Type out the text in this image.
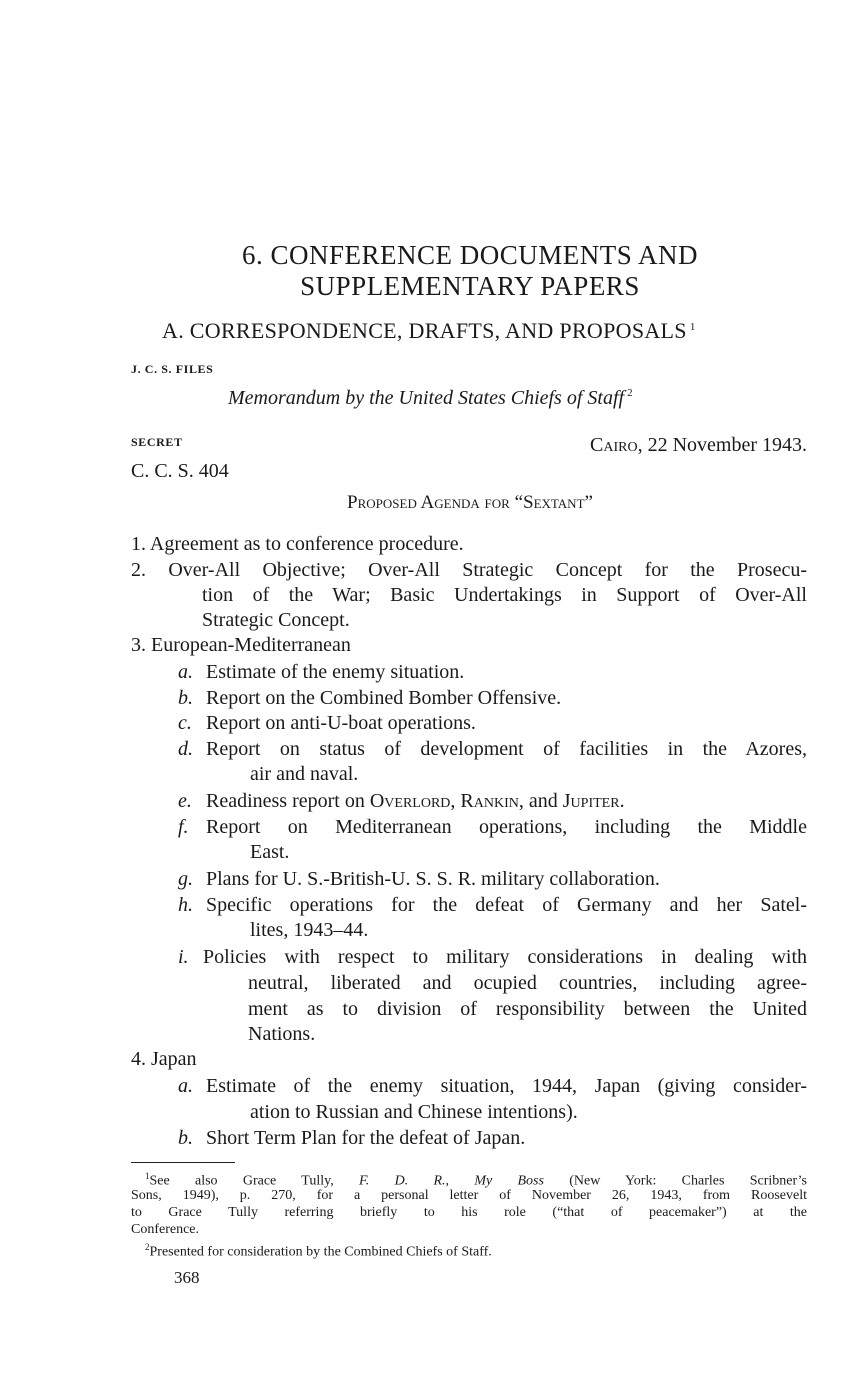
6. CONFERENCE DOCUMENTS AND
SUPPLEMENTARY PAPERS
A. CORRESPONDENCE, DRAFTS, AND PROPOSALS $^1$
J. C. S. FILES
Memorandum by the United States Chiefs of Staff $^2$
SECRET	Cairo, 22 November 1943.
C. C. S. 404
Proposed Agenda for “Sextant”
1. Agreement as to conference procedure.
2. Over-All Objective; Over-All Strategic Concept for the Prosecu-
tion of the War; Basic Undertakings in Support of Over-All
Strategic Concept.
3. European-Mediterranean
a. Estimate of the enemy situation.
b. Report on the Combined Bomber Offensive.
c. Report on anti-U-boat operations.
d. Report on status of development of facilities in the Azores,
air and naval.
e. Readiness report on Overlord, Rankin, and Jupiter.
f. Report on Mediterranean operations, including the Middle
East.
g. Plans for U. S.-British-U. S. S. R. military collaboration.
h. Specific operations for the defeat of Germany and her Satel-
lites, 1943–44.
i. Policies with respect to military considerations in dealing with
neutral, liberated and ocupied countries, including agree-
ment as to division of responsibility between the United
Nations.
4. Japan
a. Estimate of the enemy situation, 1944, Japan (giving consider-
ation to Russian and Chinese intentions).
b. Short Term Plan for the defeat of Japan.
$^1$See also Grace Tully, F. D. R., My Boss (New York: Charles Scribner’s
Sons, 1949), p. 270, for a personal letter of November 26, 1943, from Roosevelt
to Grace Tully referring briefly to his role (“that of peacemaker”) at the
Conference.
$^2$Presented for consideration by the Combined Chiefs of Staff.
368
